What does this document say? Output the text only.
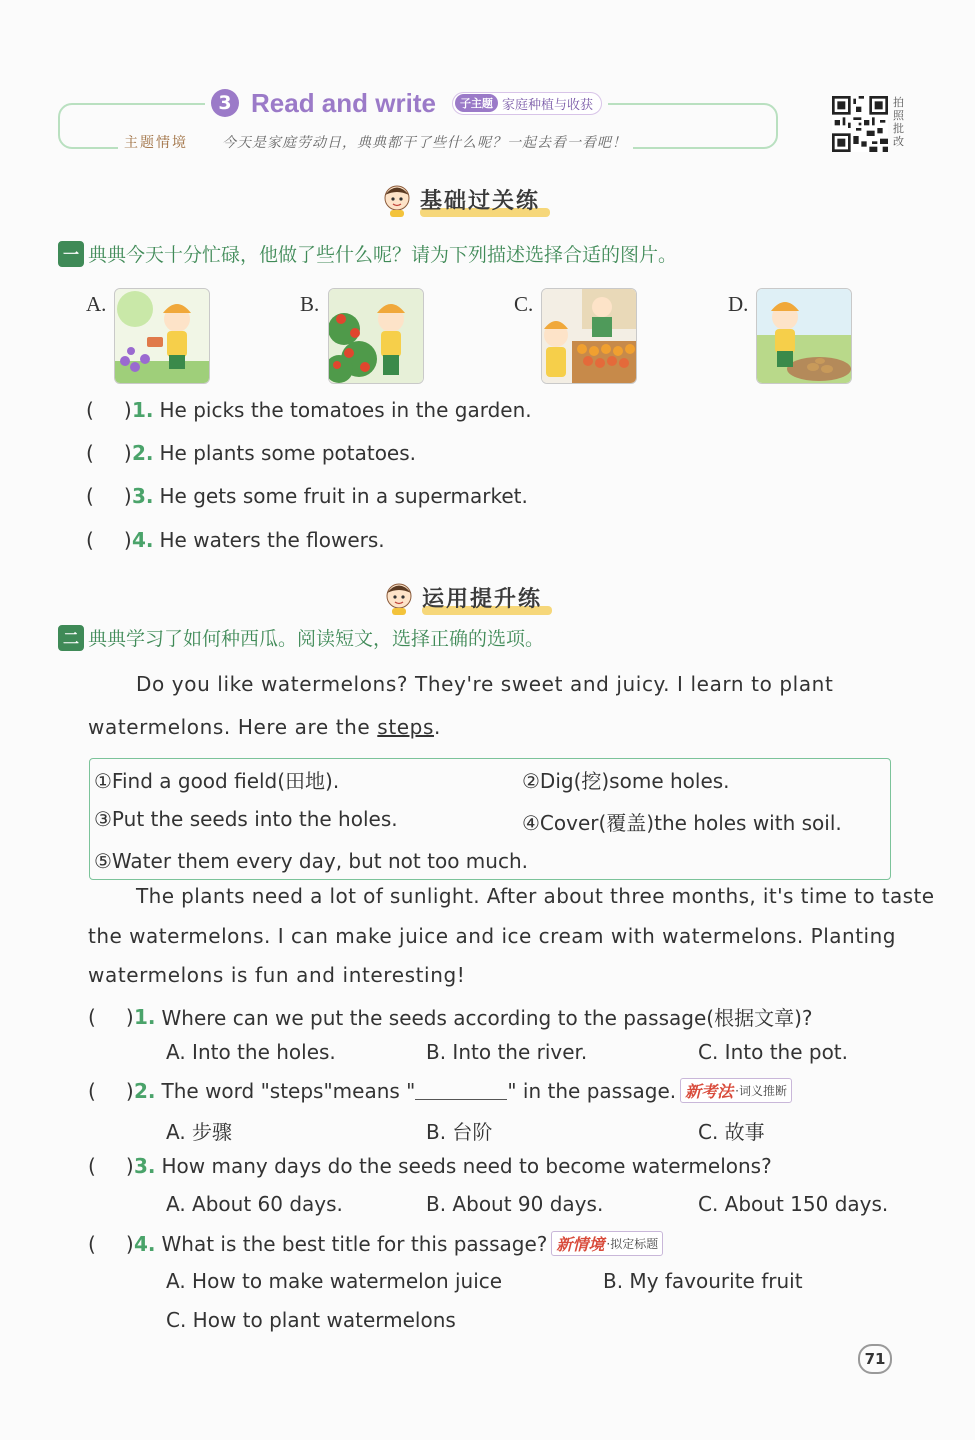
3 Read and write	子主题 家庭种植与收获
主题情境 今天是家庭劳动日，典典都干了些什么呢？一起去看一看吧！
拍照批改
基础过关练
一 典典今天十分忙碌，他做了些什么呢？请为下列描述选择合适的图片。
A.	B.	C.	D.
( ) 1. He picks the tomatoes in the garden.
( ) 2. He plants some potatoes.
( ) 3. He gets some fruit in a supermarket.
( ) 4. He waters the flowers.
运用提升练
二 典典学习了如何种西瓜。阅读短文，选择正确的选项。
Do you like watermelons? They're sweet and juicy. I learn to plant
watermelons. Here are the steps.
①Find a good field(田地).	②Dig(挖)some holes.
③Put the seeds into the holes.	④Cover(覆盖)the holes with soil.
⑤Water them every day, but not too much.
The plants need a lot of sunlight. After about three months, it's time to taste
the watermelons. I can make juice and ice cream with watermelons. Planting
watermelons is fun and interesting!
( ) 1. Where can we put the seeds according to the passage(根据文章)?
A. Into the holes.	B. Into the river.	C. Into the pot.
( ) 2. The word "steps"means "	" in the passage. 新考法 ·词义推断
A. 步骤	B. 台阶	C. 故事
( ) 3. How many days do the seeds need to become watermelons?
A. About 60 days.	B. About 90 days.	C. About 150 days.
( ) 4. What is the best title for this passage? 新情境 ·拟定标题
A. How to make watermelon juice	B. My favourite fruit
C. How to plant watermelons
71
